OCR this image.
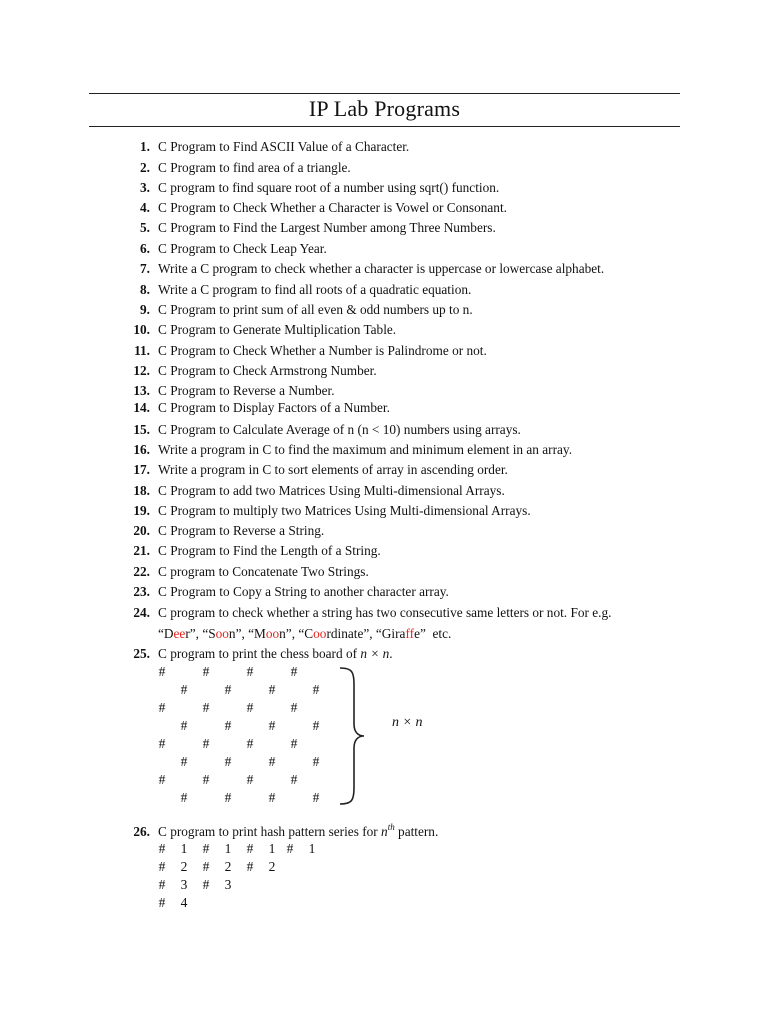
IP Lab Programs
24. C program to check whether a string has two consecutive same letters or not. For e.g.
23. C Program to Copy a String to another character array.
22. C program to Concatenate Two Strings.
21. C Program to Find the Length of a String.
20. C Program to Reverse a String.
19. C Program to multiply two Matrices Using Multi-dimensional Arrays.
18. C Program to add two Matrices Using Multi-dimensional Arrays.
17. Write a program in C to sort elements of array in ascending order.
16. Write a program in C to find the maximum and minimum element in an array.
15. C Program to Calculate Average of n (n < 10) numbers using arrays.
14. C Program to Display Factors of a Number.
13. C Program to Reverse a Number.
12. C Program to Check Armstrong Number.
11. C Program to Check Whether a Number is Palindrome or not.
10. C Program to Generate Multiplication Table.
9. C Program to print sum of all even & odd numbers up to n.
8. Write a C program to find all roots of a quadratic equation.
7. Write a C program to check whether a character is uppercase or lowercase alphabet.
6. C Program to Check Leap Year.
5. C Program to Find the Largest Number among Three Numbers.
4. C Program to Check Whether a Character is Vowel or Consonant.
3. C program to find square root of a number using sqrt() function.
2. C Program to find area of a triangle.
1. C Program to Find ASCII Value of a Character.
“Deer”, “Soon”, “Moon”, “Coordinate”, “Giraffe”  etc.
25. C program to print the chess board of n × n.
#	#	#	#
#	#	#	#
#	#	#	#
#	#	#	#
#	#	#	#
#	#	#	#
#	#	#	#
#	#	#	#
n × n
26. C program to print hash pattern series for $n^{th}$ pattern.
# 1 # 1 # 1 # 1
# 2 # 2 # 2
# 3 # 3
# 4
